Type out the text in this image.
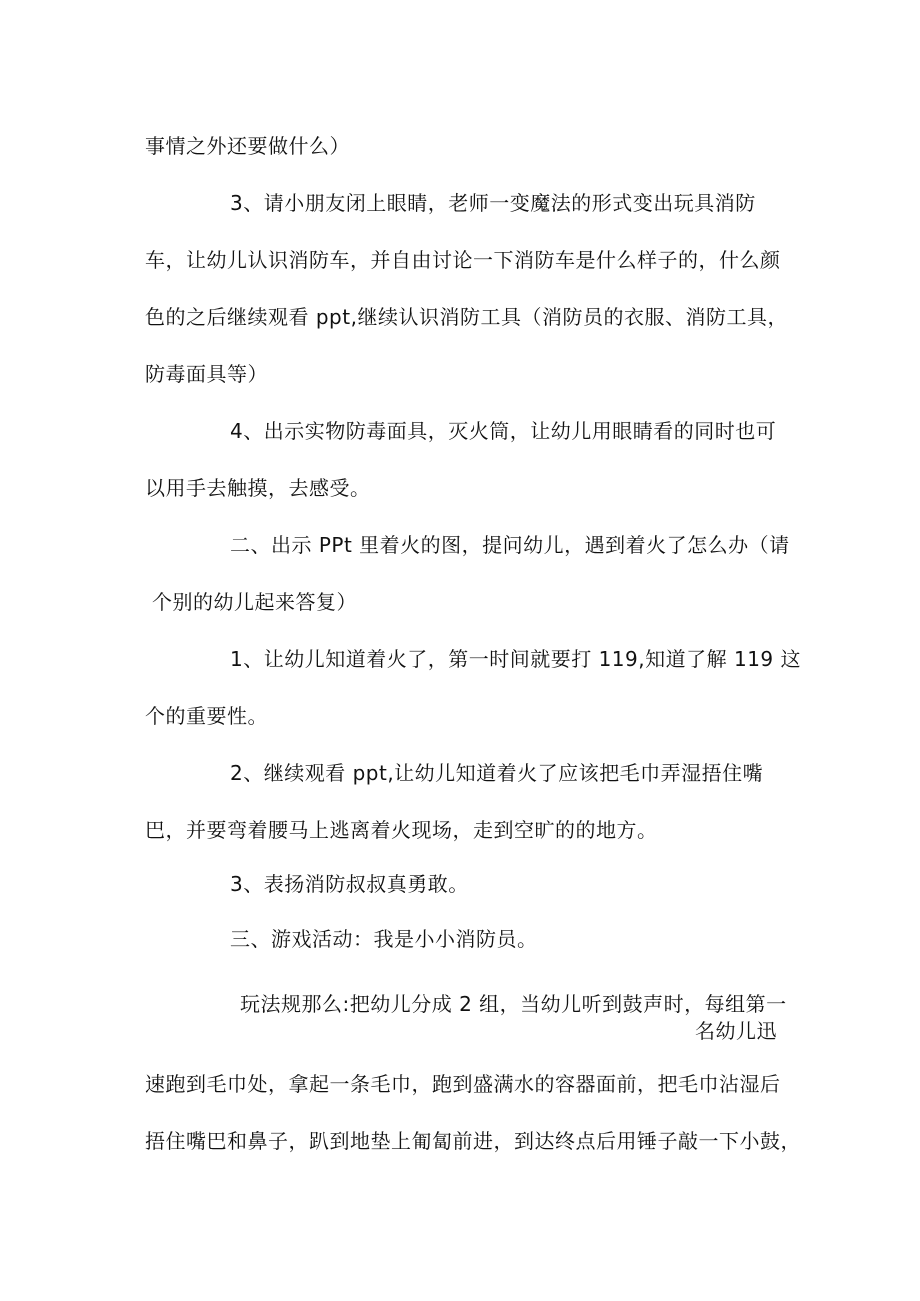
事情之外还要做什么）
3、请小朋友闭上眼睛，老师一变魔法的形式变出玩具消防
车，让幼儿认识消防车，并自由讨论一下消防车是什么样子的，什么颜
色的之后继续观看 ppt,继续认识消防工具（消防员的衣服、消防工具，
防毒面具等）
4、出示实物防毒面具，灭火筒，让幼儿用眼睛看的同时也可
以用手去触摸，去感受。
二、出示 PPt 里着火的图，提问幼儿，遇到着火了怎么办（请
个别的幼儿起来答复）
1、让幼儿知道着火了，第一时间就要打 119,知道了解 119 这
个的重要性。
2、继续观看 ppt,让幼儿知道着火了应该把毛巾弄湿捂住嘴
巴，并要弯着腰马上逃离着火现场，走到空旷的的地方。
3、表扬消防叔叔真勇敢。
三、游戏活动：我是小小消防员。
玩法规那么:把幼儿分成 2 组，当幼儿听到鼓声时，每组第一
名幼儿迅
速跑到毛巾处，拿起一条毛巾，跑到盛满水的容器面前，把毛巾沾湿后
捂住嘴巴和鼻子，趴到地垫上匍匐前进，到达终点后用锤子敲一下小鼓，
